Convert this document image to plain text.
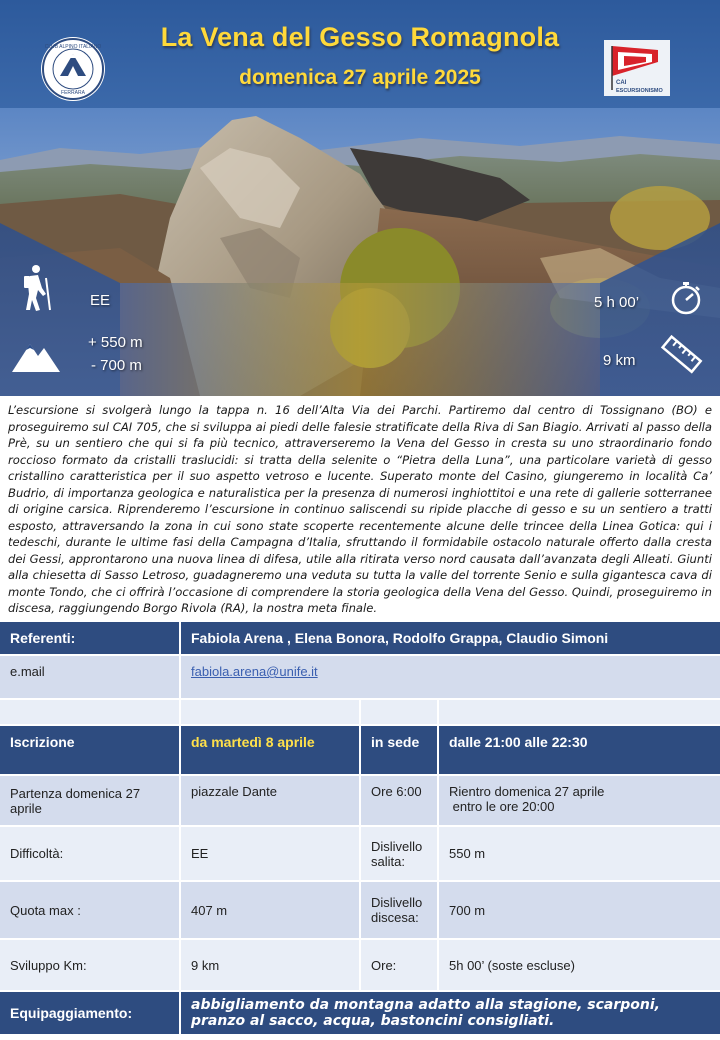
La Vena del Gesso Romagnola
domenica 27 aprile 2025
CLUB ALPINO ITALIANO
FERRARA
CAI
ESCURSIONISMO
EE
+ 550 m
- 700 m
5 h 00’
9 km

L’escursione si svolgerà lungo la tappa n. 16 dell’Alta Via dei Parchi. Partiremo dal centro di Tossignano (BO) e proseguiremo sul CAI 705, che si sviluppa ai piedi delle falesie stratificate della Riva di San Biagio. Arrivati al passo della Prè, su un sentiero che qui si fa più tecnico, attraverseremo la Vena del Gesso in cresta su uno straordinario fondo roccioso formato da cristalli traslucidi: si tratta della selenite o “Pietra della Luna”, una particolare varietà di gesso cristallino caratteristica per il suo aspetto vetroso e lucente. Superato monte del Casino, giungeremo in località Ca’ Budrio, di importanza geologica e naturalistica per la presenza di numerosi inghiottitoi e una rete di gallerie sotterranee di origine carsica. Riprenderemo l’escursione in continuo saliscendi su ripide placche di gesso e su un sentiero a tratti esposto, attraversando la zona in cui sono state scoperte recentemente alcune delle trincee della Linea Gotica: qui i tedeschi, durante le ultime fasi della Campagna d’Italia, sfruttando il formidabile ostacolo naturale offerto dalla cresta dei Gessi, approntarono una nuova linea di difesa, utile alla ritirata verso nord causata dall’avanzata degli Alleati. Giunti alla chiesetta di Sasso Letroso, guadagneremo una veduta su tutta la valle del torrente Senio e sulla gigantesca cava di monte Tondo, che ci offrirà l’occasione di comprendere la storia geologica della Vena del Gesso. Quindi, proseguiremo in discesa, raggiungendo Borgo Rivola (RA), la nostra meta finale.

Referenti:	Fabiola Arena , Elena Bonora, Rodolfo Grappa, Claudio Simoni		
e.mail	fabiola.arena@unife.it		

Iscrizione	da martedì 8 aprile	in sede	dalle 21:00 alle 22:30
Partenza domenica 27 aprile	piazzale Dante	Ore 6:00	Rientro domenica 27 aprile
entro le ore 20:00

Difficoltà:	EE	Dislivello salita:	550 m
Quota max :	407 m	Dislivello discesa:	700 m
Sviluppo Km:	9 km	Ore:	5h 00’ (soste escluse)
Equipaggiamento:	abbigliamento da montagna adatto alla stagione, scarponi, pranzo al sacco, acqua, bastoncini consigliati.		
